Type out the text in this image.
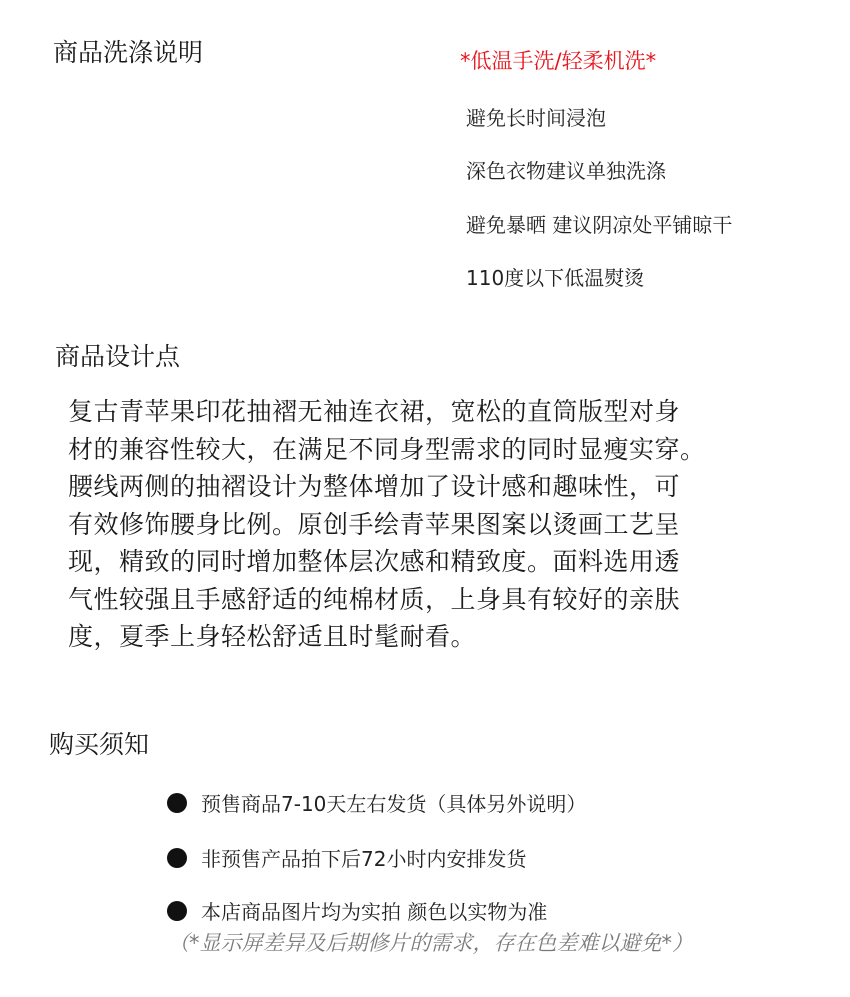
商品洗涤说明	*低温手洗/轻柔机洗*
避免长时间浸泡
深色衣物建议单独洗涤
避免暴晒 建议阴凉处平铺晾干
110度以下低温熨烫
商品设计点
复古青苹果印花抽褶无袖连衣裙，宽松的直筒版型对身
材的兼容性较大，在满足不同身型需求的同时显瘦实穿。
腰线两侧的抽褶设计为整体增加了设计感和趣味性，可
有效修饰腰身比例。原创手绘青苹果图案以烫画工艺呈
现，精致的同时增加整体层次感和精致度。面料选用透
气性较强且手感舒适的纯棉材质，上身具有较好的亲肤
度，夏季上身轻松舒适且时髦耐看。
购买须知
预售商品7-10天左右发货（具体另外说明）
非预售产品拍下后72小时内安排发货
本店商品图片均为实拍 颜色以实物为准
（*显示屏差异及后期修片的需求，存在色差难以避免*）
